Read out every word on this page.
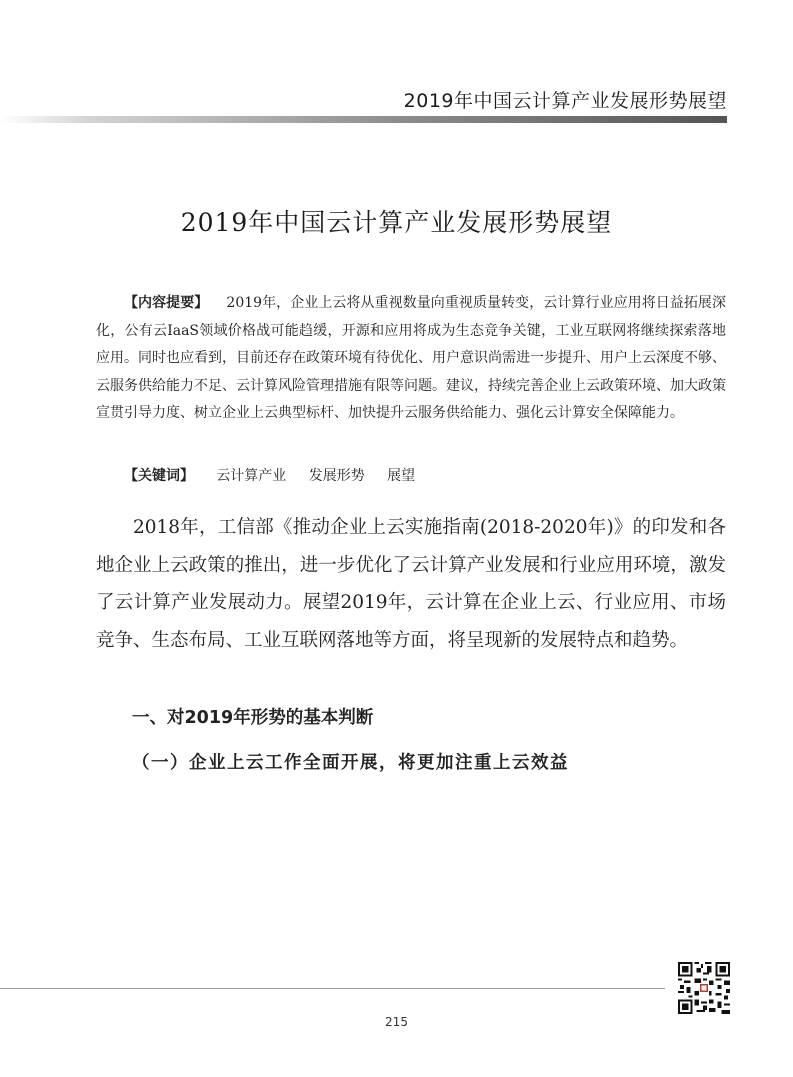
2019年中国云计算产业发展形势展望
2019年中国云计算产业发展形势展望

【内容提要】 2019年，企业上云将从重视数量向重视质量转变，云计算行业应用将日益拓展深化，公有云IaaS领域价格战可能趋缓，开源和应用将成为生态竞争关键，工业互联网将继续探索落地应用。同时也应看到，目前还存在政策环境有待优化、用户意识尚需进一步提升、用户上云深度不够、云服务供给能力不足、云计算风险管理措施有限等问题。建议，持续完善企业上云政策环境、加大政策宣贯引导力度、树立企业上云典型标杆、加快提升云服务供给能力、强化云计算安全保障能力。

【关键词】 云计算产业 发展形势 展望

2018年，工信部《推动企业上云实施指南(2018-2020年)》的印发和各地企业上云政策的推出，进一步优化了云计算产业发展和行业应用环境，激发了云计算产业发展动力。展望2019年，云计算在企业上云、行业应用、市场竞争、生态布局、工业互联网落地等方面，将呈现新的发展特点和趋势。

一、对2019年形势的基本判断
（一）企业上云工作全面开展，将更加注重上云效益
215
